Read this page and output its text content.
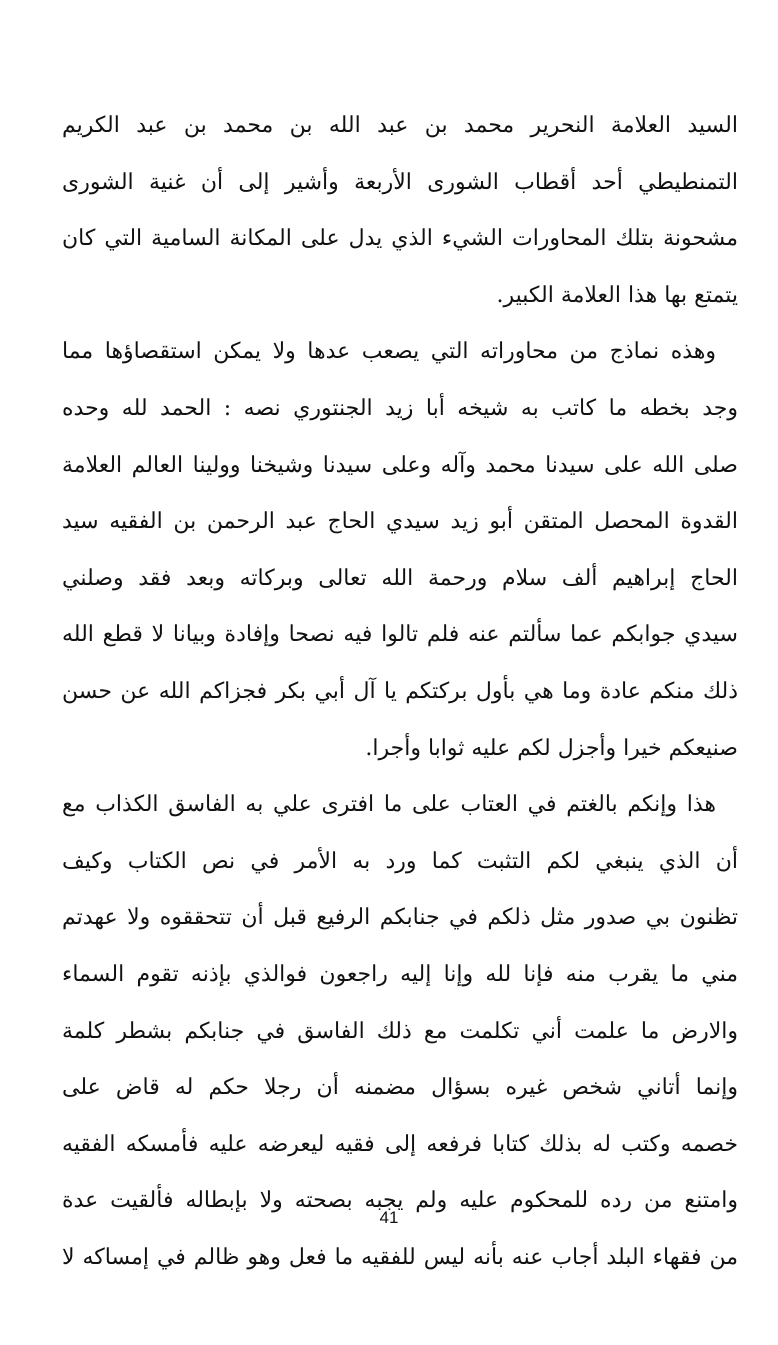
السيد العلامة النحرير محمد بن عبد الله بن محمد بن عبد الكريم
التمنطيطي أحد أقطاب الشورى الأربعة وأشير إلى أن غنية الشورى
مشحونة بتلك المحاورات الشيء الذي يدل على المكانة السامية التي كان
يتمتع بها هذا العلامة الكبير.
وهذه نماذج من محاوراته التي يصعب عدها ولا يمكن استقصاؤها مما
وجد بخطه ما كاتب به شيخه أبا زيد الجنتوري نصه : الحمد لله وحده
صلى الله على سيدنا محمد وآله وعلى سيدنا وشيخنا وولينا العالم العلامة
القدوة المحصل المتقن أبو زيد سيدي الحاج عبد الرحمن بن الفقيه سيد
الحاج إبراهيم ألف سلام ورحمة الله تعالى وبركاته وبعد فقد وصلني
سيدي جوابكم عما سألتم عنه فلم تالوا فيه نصحا وإفادة وبيانا لا قطع الله
ذلك منكم عادة وما هي بأول بركتكم يا آل أبي بكر فجزاكم الله عن حسن
صنيعكم خيرا وأجزل لكم عليه ثوابا وأجرا.
هذا وإنكم بالغتم في العتاب على ما افترى علي به الفاسق الكذاب مع
أن الذي ينبغي لكم التثبت كما ورد به الأمر في نص الكتاب وكيف
تظنون بي صدور مثل ذلكم في جنابكم الرفيع قبل أن تتحققوه ولا عهدتم
مني ما يقرب منه فإنا لله وإنا إليه راجعون فوالذي بإذنه تقوم السماء
والارض ما علمت أني تكلمت مع ذلك الفاسق في جنابكم بشطر كلمة
وإنما أتاني شخص غيره بسؤال مضمنه أن رجلا حكم له قاض على
خصمه وكتب له بذلك كتابا فرفعه إلى فقيه ليعرضه عليه فأمسكه الفقيه
وامتنع من رده للمحكوم عليه ولم يجبه بصحته ولا بإبطاله فألقيت عدة
من فقهاء البلد أجاب عنه بأنه ليس للفقيه ما فعل وهو ظالم في إمساكه لا
41
